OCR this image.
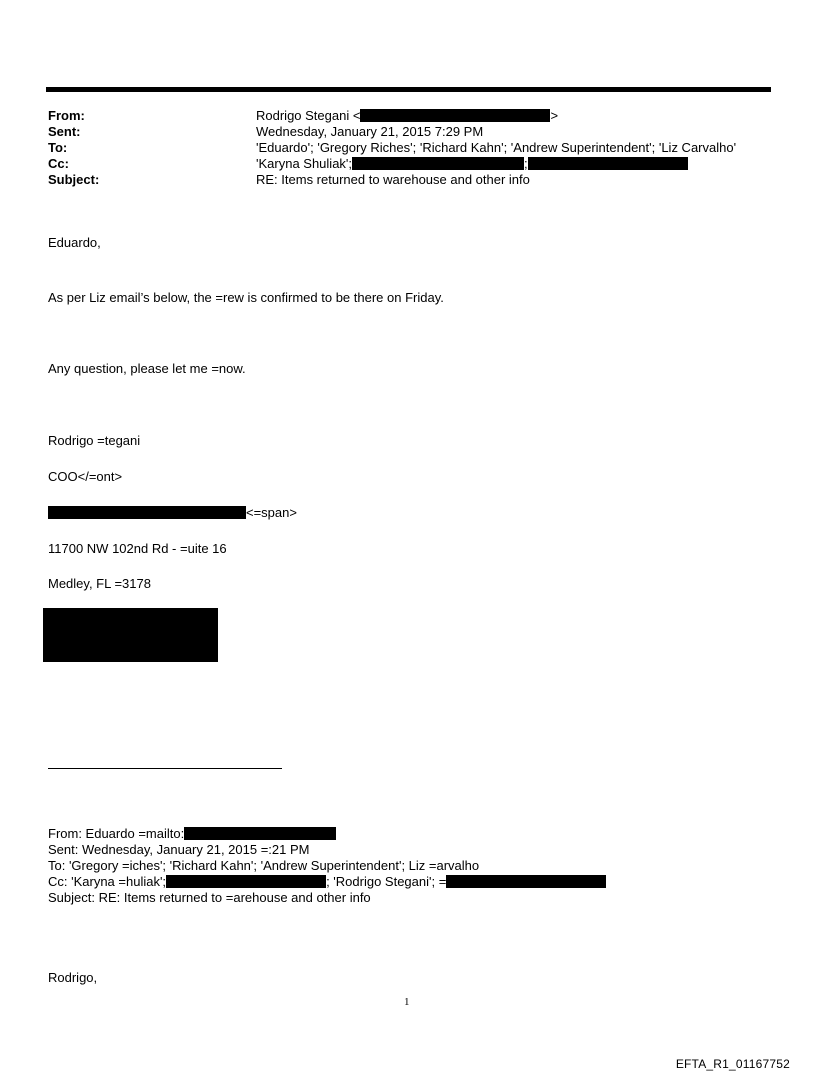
From:	Rodrigo Stegani <	>
Sent:	Wednesday, January 21, 2015 7:29 PM
To:	'Eduardo'; 'Gregory Riches'; 'Richard Kahn'; 'Andrew Superintendent'; 'Liz Carvalho'
Cc:	'Karyna Shuliak';	;
Subject:	RE: Items returned to warehouse and other info
Eduardo,
As per Liz email’s below, the =rew is confirmed to be there on Friday.
Any question, please let me =now.
Rodrigo =tegani
COO</=ont>
<=span>
11700 NW 102nd Rd - =uite 16
Medley, FL =3178
From: Eduardo =mailto:
Sent: Wednesday, January 21, 2015 =:21 PM
To: 'Gregory =iches'; 'Richard Kahn'; 'Andrew Superintendent'; Liz =arvalho
Cc: 'Karyna =huliak';	; 'Rodrigo Stegani'; =
Subject: RE: Items returned to =arehouse and other info
Rodrigo,
1
EFTA_R1_01167752
